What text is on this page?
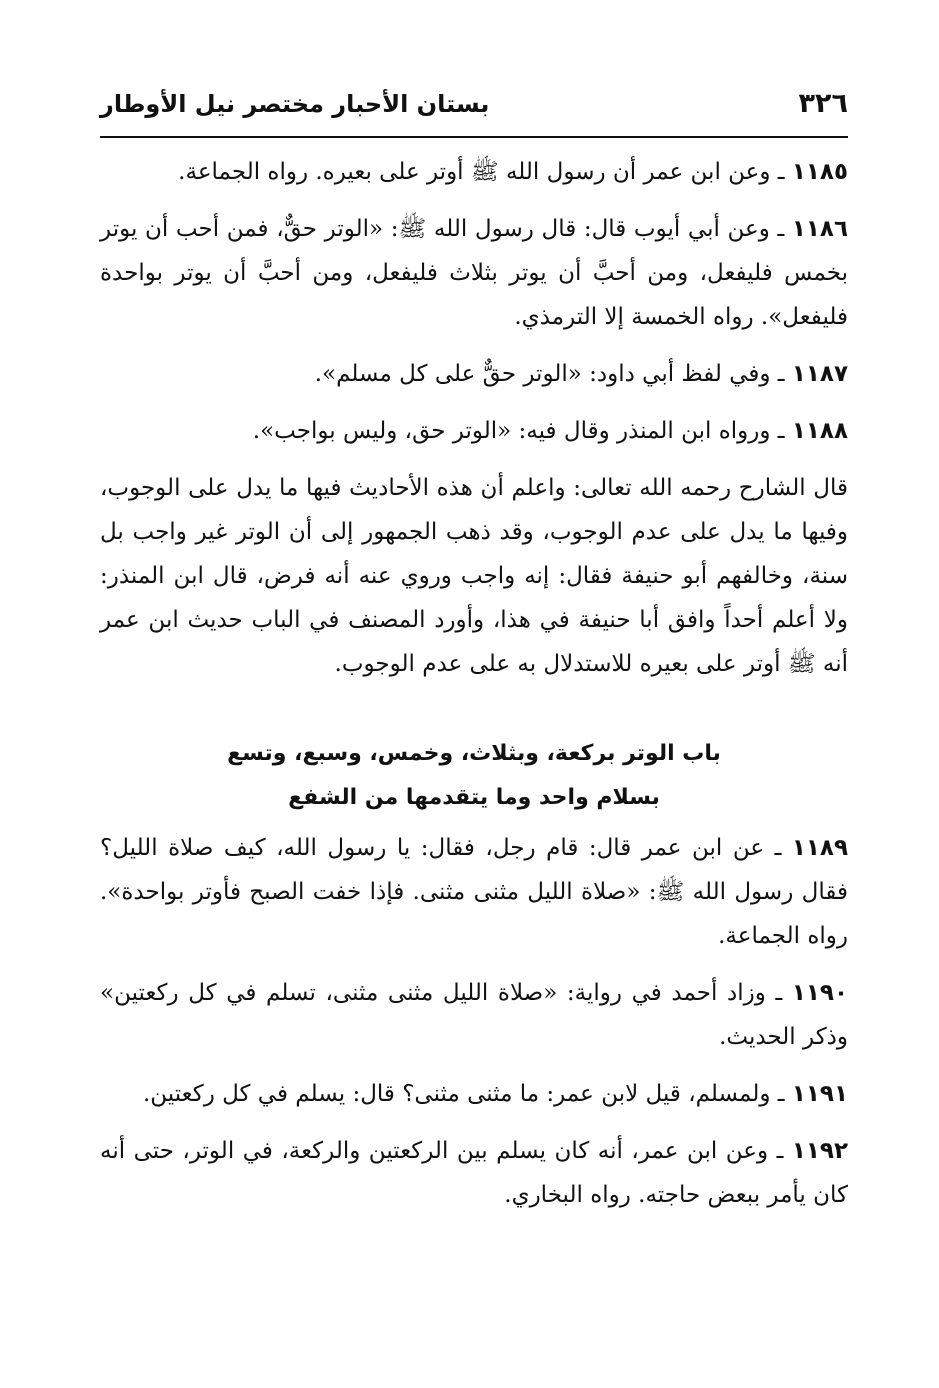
٣٢٦
بستان الأحبار مختصر نيل الأوطار

١١٨٥ ـ وعن ابن عمر أن رسول الله ﷺ أوتر على بعيره. رواه الجماعة.

١١٨٦ ـ وعن أبي أيوب قال: قال رسول الله ﷺ: «الوتر حقٌّ، فمن أحب أن يوتر بخمس فليفعل، ومن أحبَّ أن يوتر بثلاث فليفعل، ومن أحبَّ أن يوتر بواحدة فليفعل». رواه الخمسة إلا الترمذي.

١١٨٧ ـ وفي لفظ أبي داود: «الوتر حقٌّ على كل مسلم».

١١٨٨ ـ ورواه ابن المنذر وقال فيه: «الوتر حق، وليس بواجب».

قال الشارح رحمه الله تعالى: واعلم أن هذه الأحاديث فيها ما يدل على الوجوب، وفيها ما يدل على عدم الوجوب، وقد ذهب الجمهور إلى أن الوتر غير واجب بل سنة، وخالفهم أبو حنيفة فقال: إنه واجب وروي عنه أنه فرض، قال ابن المنذر: ولا أعلم أحداً وافق أبا حنيفة في هذا، وأورد المصنف في الباب حديث ابن عمر أنه ﷺ أوتر على بعيره للاستدلال به على عدم الوجوب.

باب الوتر بركعة، وبثلاث، وخمس، وسبع، وتسع
بسلام واحد وما يتقدمها من الشفع

١١٨٩ ـ عن ابن عمر قال: قام رجل، فقال: يا رسول الله، كيف صلاة الليل؟ فقال رسول الله ﷺ: «صلاة الليل مثنى مثنى. فإذا خفت الصبح فأوتر بواحدة». رواه الجماعة.

١١٩٠ ـ وزاد أحمد في رواية: «صلاة الليل مثنى مثنى، تسلم في كل ركعتين» وذكر الحديث.

١١٩١ ـ ولمسلم، قيل لابن عمر: ما مثنى مثنى؟ قال: يسلم في كل ركعتين.

١١٩٢ ـ وعن ابن عمر، أنه كان يسلم بين الركعتين والركعة، في الوتر، حتى أنه كان يأمر ببعض حاجته. رواه البخاري.
